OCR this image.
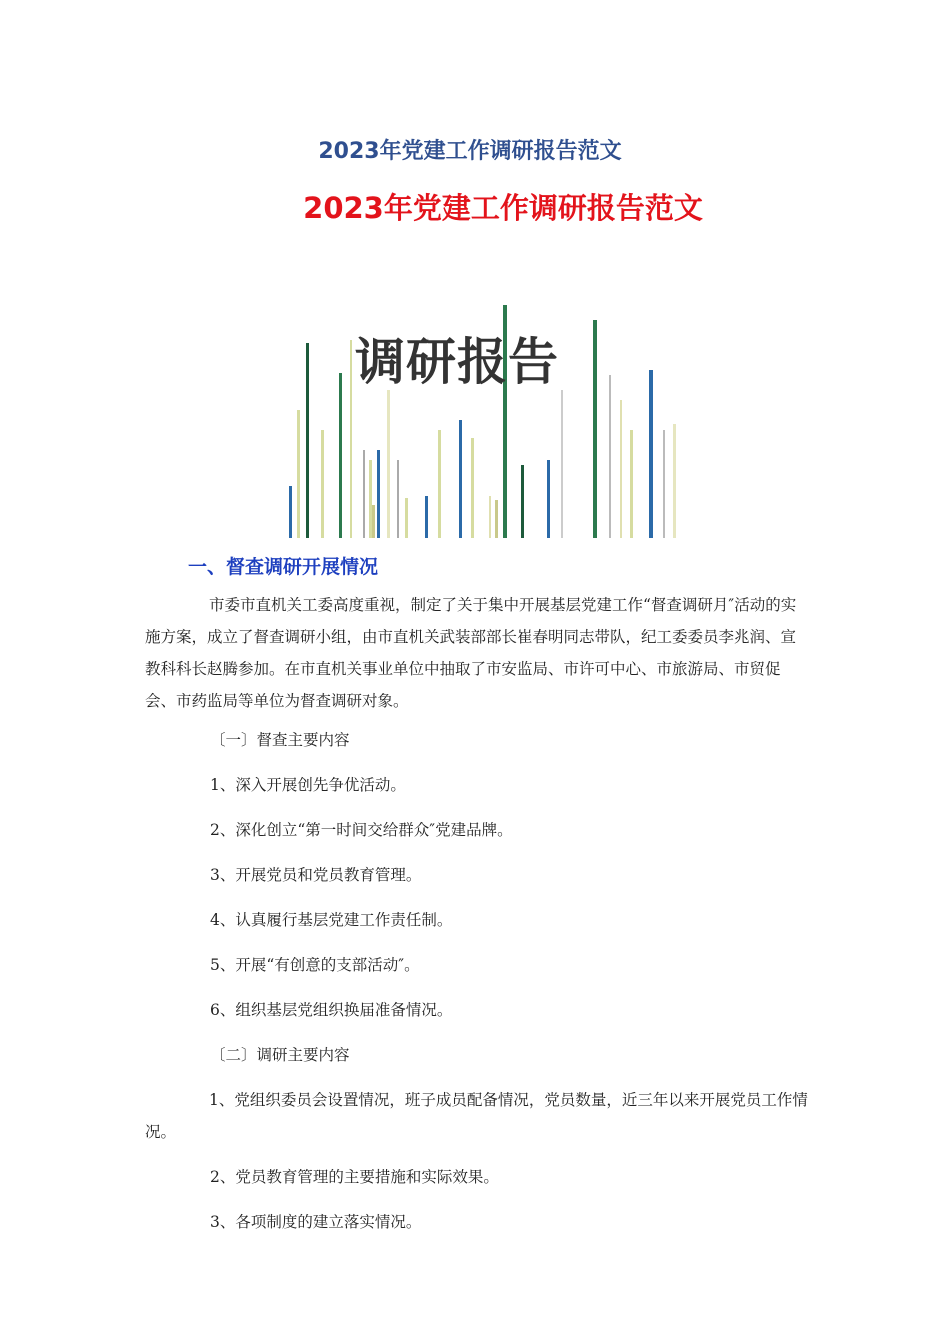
2023年党建工作调研报告范文
2023年党建工作调研报告范文
调研报告
一、督查调研开展情况

市委市直机关工委高度重视，制定了关于集中开展基层党建工作“督查调研月″活动的实施方案，成立了督查调研小组，由市直机关武装部部长崔春明同志带队，纪工委委员李兆润、宣教科科长赵腾参加。在市直机关事业单位中抽取了市安监局、市许可中心、市旅游局、市贸促会、市药监局等单位为督查调研对象。

〔一〕督查主要内容

1、深入开展创先争优活动。

2、深化创立“第一时间交给群众″党建品牌。

3、开展党员和党员教育管理。

4、认真履行基层党建工作责任制。

5、开展“有创意的支部活动″。

6、组织基层党组织换届准备情况。

〔二〕调研主要内容

1、党组织委员会设置情况，班子成员配备情况，党员数量，近三年以来开展党员工作情况。

2、党员教育管理的主要措施和实际效果。

3、各项制度的建立落实情况。
